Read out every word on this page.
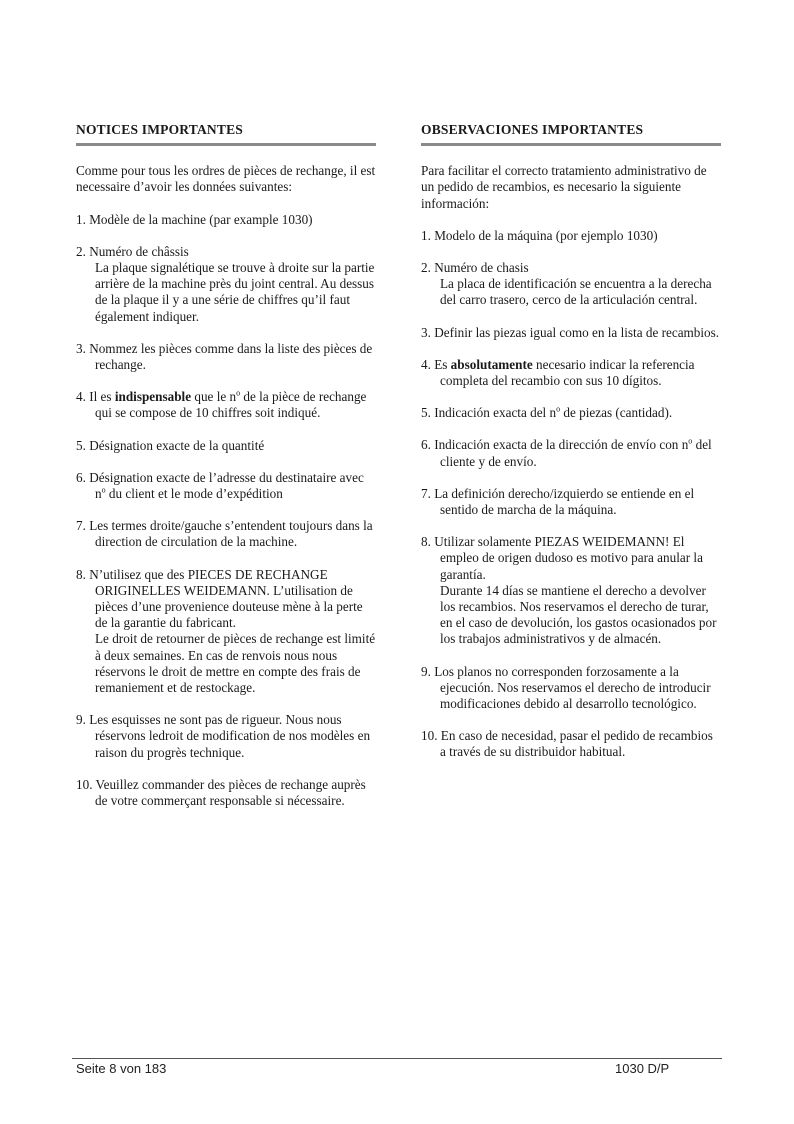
NOTICES IMPORTANTES

Comme pour tous les ordres de pièces de rechange, il est necessaire d’avoir les données suivantes:

1. Modèle de la machine (par example 1030)
2. Numéro de châssis
La plaque signalétique se trouve à droite sur la partie arrière de la machine près du joint central. Au dessus de la plaque il y a une série de chiffres qu’il faut également indiquer.
3. Nommez les pièces comme dans la liste des pièces de rechange.
4. Il es indispensable que le $n^o$ de la pièce de rechange qui se compose de 10 chiffres soit indiqué.
5. Désignation exacte de la quantité
6. Désignation exacte de l’adresse du destinataire avec $n^o$ du client et le mode d’expédition
7. Les termes droite/gauche s’entendent toujours dans la direction de circulation de la machine.
8. N’utilisez que des PIECES DE RECHANGE ORIGINELLES WEIDEMANN. L’utilisation de pièces d’une provenience douteuse mène à la perte de la garantie du fabricant.
Le droit de retourner de pièces de rechange est limité à deux semaines. En cas de renvois nous nous réservons le droit de mettre en compte des frais de remaniement et de restockage.
9. Les esquisses ne sont pas de rigueur. Nous nous réservons ledroit de modification de nos modèles en raison du progrès technique.
10. Veuillez commander des pièces de rechange auprès de votre commerçant responsable si nécessaire.
OBSERVACIONES IMPORTANTES

Para facilitar el correcto tratamiento administrativo de un pedido de recambios, es necesario la siguiente información:

1. Modelo de la máquina (por ejemplo 1030)
2. Numéro de chasis
La placa de identificación se encuentra a la derecha del carro trasero, cerco de la articulación central.
3. Definir las piezas igual como en la lista de recambios.
4. Es absolutamente necesario indicar la referencia completa del recambio con sus 10 dígitos.
5. Indicación exacta del $n^o$ de piezas (cantidad).
6. Indicación exacta de la dirección de envío con $n^o$ del cliente y de envío.
7. La definición derecho/izquierdo se entiende en el sentido de marcha de la máquina.
8. Utilizar solamente PIEZAS WEIDEMANN! El empleo de origen dudoso es motivo para anular la garantía.
Durante 14 días se mantiene el derecho a devolver los recambios. Nos reservamos el derecho de turar, en el caso de devolución, los gastos ocasionados por los trabajos administrativos y de almacén.
9. Los planos no corresponden forzosamente a la ejecución. Nos reservamos el derecho de introducir modificaciones debido al desarrollo tecnológico.
10. En caso de necesidad, pasar el pedido de recambios a través de su distribuidor habitual.
Seite 8 von 183	1030 D/P
